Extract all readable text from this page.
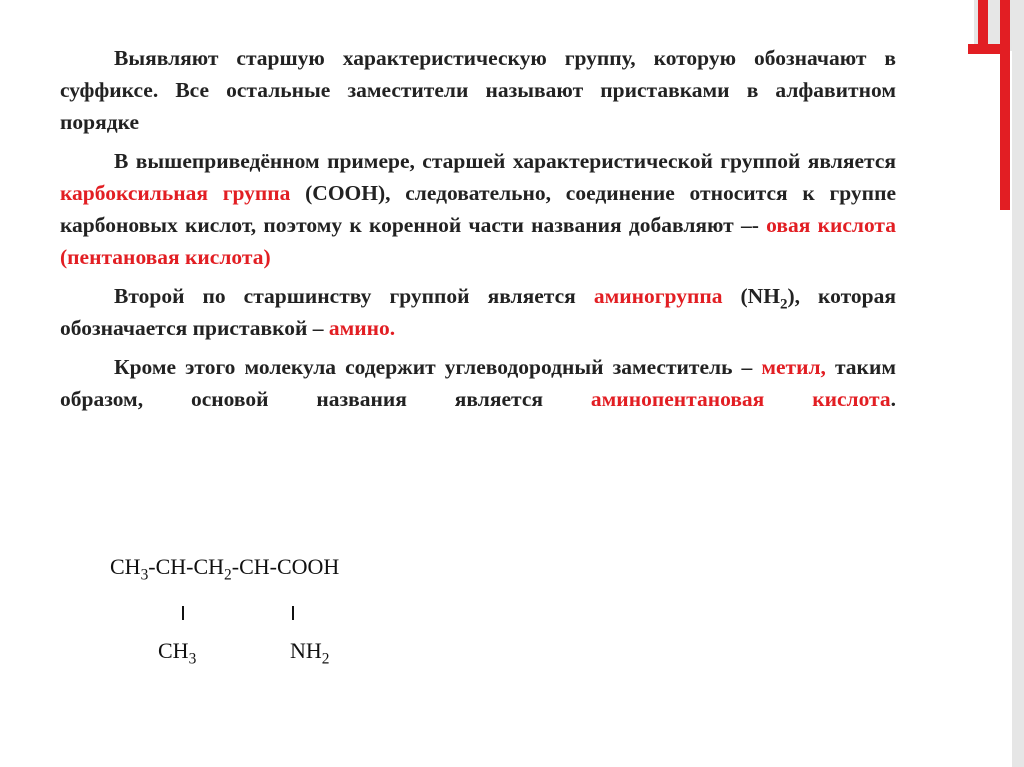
Выявляют старшую характеристическую группу, которую обозначают в суффиксе. Все остальные заместители называют приставками в алфавитном порядке

В вышеприведённом примере, старшей характеристической группой является карбоксильная группа (СООН), следовательно, соединение относится к группе карбоновых кислот, поэтому к коренной части названия добавляют –- овая кислота (пентановая кислота)

Второй по старшинству группой является аминогруппа $(NH_2)$, которая обозначается приставкой – амино.

Кроме этого молекула содержит углеводородный заместитель – метил, таким образом, основой названия является аминопентановая кислота.

$CH_3-CH-CH_2-CH$-COOH
$CH_3$	$NH_2$
